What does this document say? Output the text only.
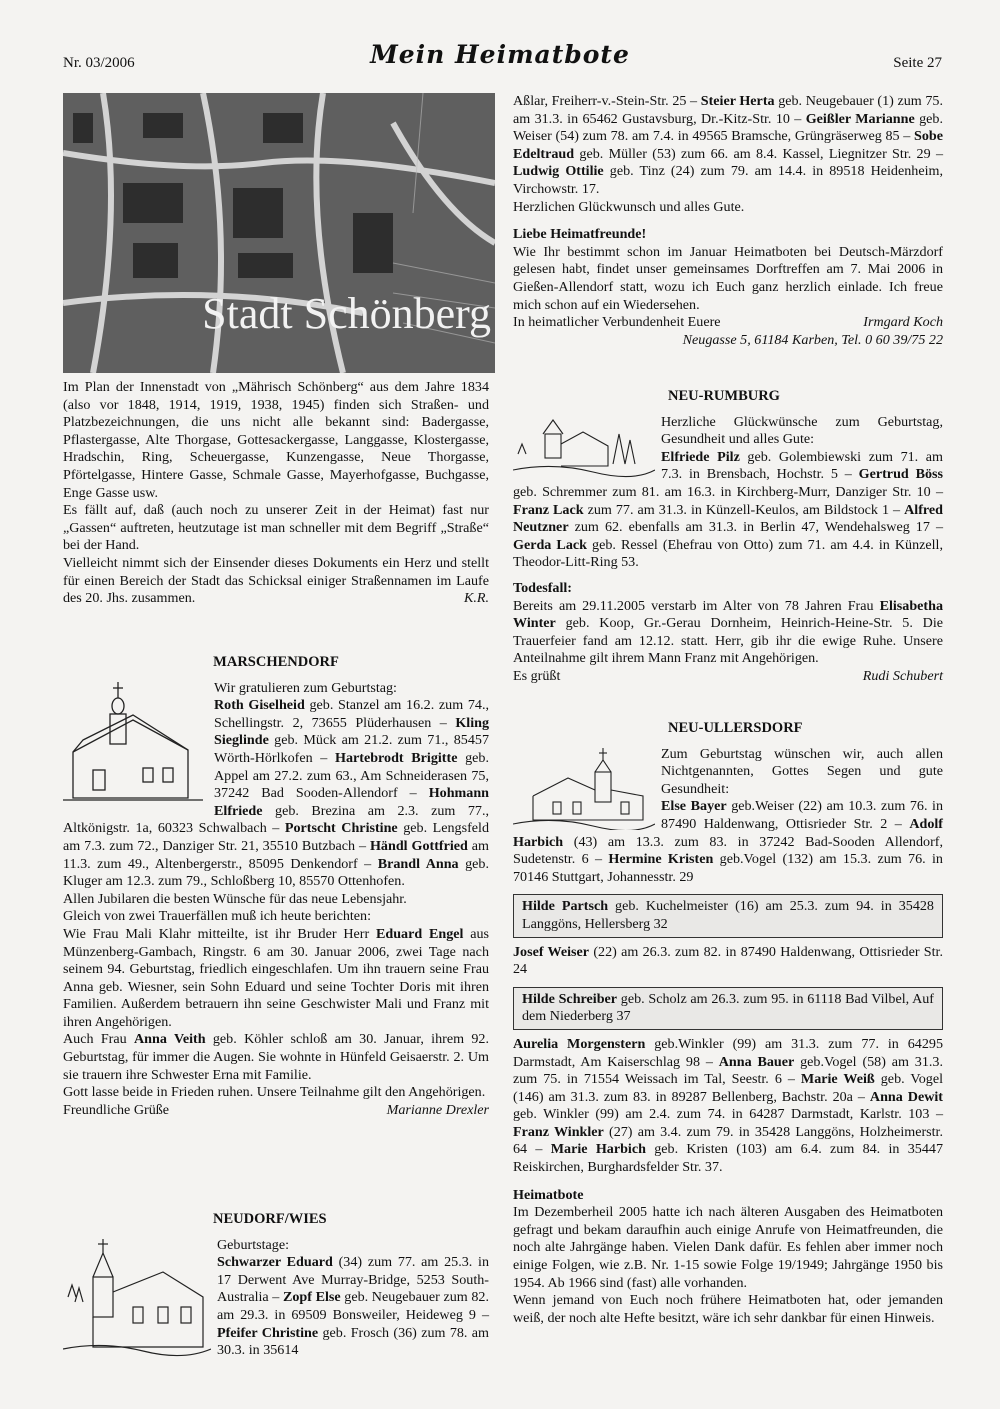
Nr. 03/2006	Mein Heimatbote	Seite 27
Stadt Schönberg

Im Plan der Innenstadt von „Mährisch Schönberg“ aus dem Jahre 1834 (also vor 1848, 1914, 1919, 1938, 1945) finden sich Straßen- und Platzbezeichnungen, die uns nicht alle bekannt sind: Badergasse, Pflastergasse, Alte Thorgase, Gottesackergasse, Langgasse, Klostergasse, Hradschin, Ring, Scheuergasse, Kunzengasse, Neue Thorgasse, Pförtelgasse, Hintere Gasse, Schmale Gasse, Mayerhofgasse, Buchgasse, Enge Gasse usw.

Es fällt auf, daß (auch noch zu unserer Zeit in der Heimat) fast nur „Gassen“ auftreten, heutzutage ist man schneller mit dem Begriff „Straße“ bei der Hand.

Vielleicht nimmt sich der Einsender dieses Dokuments ein Herz und stellt für einen Bereich der Stadt das Schicksal einiger Straßennamen im Laufe des 20. Jhs. zusammen.	K.R.

MARSCHENDORF

Wir gratulieren zum Geburtstag:
Roth Giselheid geb. Stanzel am 16.2. zum 74., Schellingstr. 2, 73655 Plüderhausen – Kling Sieglinde geb. Mück am 21.2. zum 71., 85457 Wörth-Hörlkofen – Hartebrodt Brigitte geb. Appel am 27.2. zum 63., Am Schneiderasen 75, 37242 Bad Sooden-Allendorf – Hohmann Elfriede geb. Brezina am 2.3. zum 77., Altkönigstr. 1a, 60323 Schwalbach – Portscht Christine geb. Lengsfeld am 7.3. zum 72., Danziger Str. 21, 35510 Butzbach – Händl Gottfried am 11.3. zum 49., Altenbergerstr., 85095 Denkendorf – Brandl Anna geb. Kluger am 12.3. zum 79., Schloßberg 10, 85570 Ottenhofen.

Allen Jubilaren die besten Wünsche für das neue Lebensjahr.

Gleich von zwei Trauerfällen muß ich heute berichten:

Wie Frau Mali Klahr mitteilte, ist ihr Bruder Herr Eduard Engel aus Münzenberg-Gambach, Ringstr. 6 am 30. Januar 2006, zwei Tage nach seinem 94. Geburtstag, friedlich eingeschlafen. Um ihn trauern seine Frau Anna geb. Wiesner, sein Sohn Eduard und seine Tochter Doris mit ihren Familien. Außerdem betrauern ihn seine Geschwister Mali und Franz mit ihren Angehörigen.

Auch Frau Anna Veith geb. Köhler schloß am 30. Januar, ihrem 92. Geburtstag, für immer die Augen. Sie wohnte in Hünfeld Geisaerstr. 2. Um sie trauern ihre Schwester Erna mit Familie.

Gott lasse beide in Frieden ruhen. Unsere Teilnahme gilt den Angehörigen.

Freundliche Grüße	Marianne Drexler

NEUDORF/WIES

Geburtstage:
Schwarzer Eduard (34) zum 77. am 25.3. in 17 Derwent Ave Murray-Bridge, 5253 South-Australia – Zopf Else geb. Neugebauer zum 82. am 29.3. in 69509 Bonsweiler, Heideweg 9 – Pfeifer Christine geb. Frosch (36) zum 78. am 30.3. in 35614

Aßlar, Freiherr-v.-Stein-Str. 25 – Steier Herta geb. Neugebauer (1) zum 75. am 31.3. in 65462 Gustavsburg, Dr.-Kitz-Str. 10 – Geißler Marianne geb. Weiser (54) zum 78. am 7.4. in 49565 Bramsche, Grüngräserweg 85 – Sobe Edeltraud geb. Müller (53) zum 66. am 8.4. Kassel, Liegnitzer Str. 29 – Ludwig Ottilie geb. Tinz (24) zum 79. am 14.4. in 89518 Heidenheim, Virchowstr. 17.

Herzlichen Glückwunsch und alles Gute.

Liebe Heimatfreunde!

Wie Ihr bestimmt schon im Januar Heimatboten bei Deutsch-Märzdorf gelesen habt, findet unser gemeinsames Dorftreffen am 7. Mai 2006 in Gießen-Allendorf statt, wozu ich Euch ganz herzlich einlade. Ich freue mich schon auf ein Wiedersehen.

In heimatlicher Verbundenheit Euere	Irmgard Koch

Neugasse 5, 61184 Karben, Tel. 0 60 39/75 22

NEU-RUMBURG

Herzliche Glückwünsche zum Geburtstag, Gesundheit und alles Gute:
Elfriede Pilz geb. Golembiewski zum 71. am 7.3. in Brensbach, Hochstr. 5 – Gertrud Böss geb. Schremmer zum 81. am 16.3. in Kirchberg-Murr, Danziger Str. 10 – Franz Lack zum 77. am 31.3. in Künzell-Keulos, am Bildstock 1 – Alfred Neutzner zum 62. ebenfalls am 31.3. in Berlin 47, Wendehalsweg 17 – Gerda Lack geb. Ressel (Ehefrau von Otto) zum 71. am 4.4. in Künzell, Theodor-Litt-Ring 53.

Todesfall:

Bereits am 29.11.2005 verstarb im Alter von 78 Jahren Frau Elisabetha Winter geb. Koop, Gr.-Gerau Dornheim, Heinrich-Heine-Str. 5. Die Trauerfeier fand am 12.12. statt. Herr, gib ihr die ewige Ruhe. Unsere Anteilnahme gilt ihrem Mann Franz mit Angehörigen.

Es grüßt	Rudi Schubert

NEU-ULLERSDORF

Zum Geburtstag wünschen wir, auch allen Nichtgenannten, Gottes Segen und gute Gesundheit:
Else Bayer geb.Weiser (22) am 10.3. zum 76. in 87490 Haldenwang, Ottisrieder Str. 2 – Adolf Harbich (43) am 13.3. zum 83. in 37242 Bad-Sooden Allendorf, Sudetenstr. 6 – Hermine Kristen geb.Vogel (132) am 15.3. zum 76. in 70146 Stuttgart, Johannesstr. 29

Hilde Partsch geb. Kuchelmeister (16) am 25.3. zum 94. in 35428 Langgöns, Hellersberg 32

Josef Weiser (22) am 26.3. zum 82. in 87490 Haldenwang, Ottisrieder Str. 24

Hilde Schreiber geb. Scholz am 26.3. zum 95. in 61118 Bad Vilbel, Auf dem Niederberg 37

Aurelia Morgenstern geb.Winkler (99) am 31.3. zum 77. in 64295 Darmstadt, Am Kaiserschlag 98 – Anna Bauer geb.Vogel (58) am 31.3. zum 75. in 71554 Weissach im Tal, Seestr. 6 – Marie Weiß geb. Vogel (146) am 31.3. zum 83. in 89287 Bellenberg, Bachstr. 20a – Anna Dewit geb. Winkler (99) am 2.4. zum 74. in 64287 Darmstadt, Karlstr. 103 – Franz Winkler (27) am 3.4. zum 79. in 35428 Langgöns, Holzheimerstr. 64 – Marie Harbich geb. Kristen (103) am 6.4. zum 84. in 35447 Reiskirchen, Burghardsfelder Str. 37.

Heimatbote

Im Dezemberheil 2005 hatte ich nach älteren Ausgaben des Heimatboten gefragt und bekam daraufhin auch einige Anrufe von Heimatfreunden, die noch alte Jahrgänge haben. Vielen Dank dafür. Es fehlen aber immer noch einige Folgen, wie z.B. Nr. 1-15 sowie Folge 19/1949; Jahrgänge 1950 bis 1954. Ab 1966 sind (fast) alle vorhanden.

Wenn jemand von Euch noch frühere Heimatboten hat, oder jemanden weiß, der noch alte Hefte besitzt, wäre ich sehr dankbar für einen Hinweis.
